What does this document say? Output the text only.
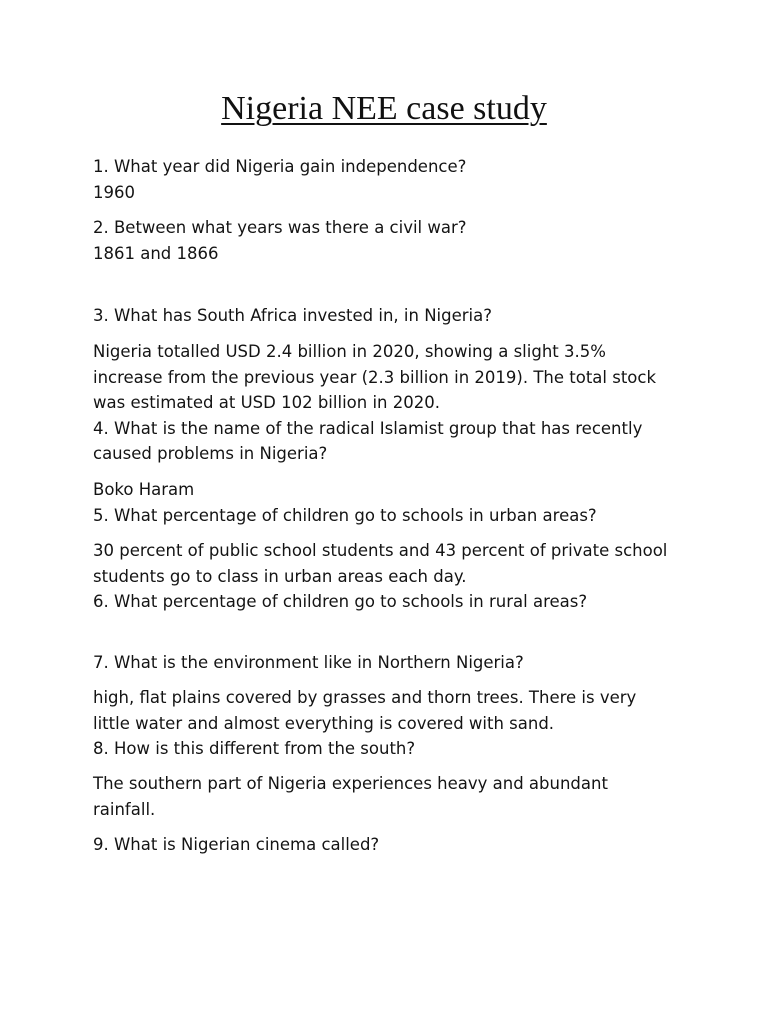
Nigeria NEE case study
1. What year did Nigeria gain independence?
1960
2. Between what years was there a civil war?
1861 and 1866
3. What has South Africa invested in, in Nigeria?
Nigeria totalled USD 2.4 billion in 2020, showing a slight 3.5%
increase from the previous year (2.3 billion in 2019). The total stock
was estimated at USD 102 billion in 2020.
4. What is the name of the radical Islamist group that has recently
caused problems in Nigeria?
Boko Haram
5. What percentage of children go to schools in urban areas?
30 percent of public school students and 43 percent of private school
students go to class in urban areas each day.
6. What percentage of children go to schools in rural areas?
7. What is the environment like in Northern Nigeria?
high, flat plains covered by grasses and thorn trees. There is very
little water and almost everything is covered with sand.
8. How is this different from the south?
The southern part of Nigeria experiences heavy and abundant
rainfall.
9. What is Nigerian cinema called?
